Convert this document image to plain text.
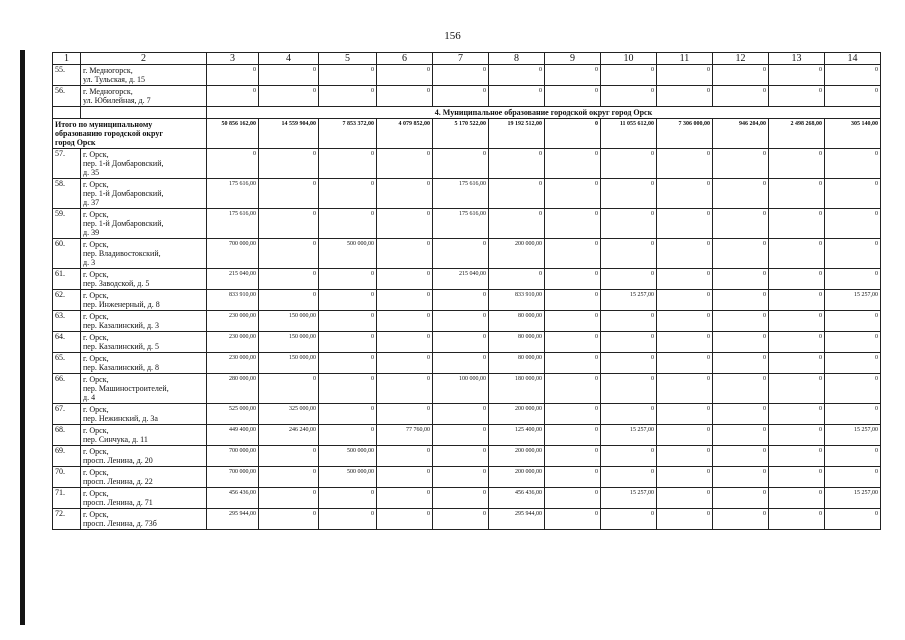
156
1	2	3	4	5	6	7	8	9	10	11	12	13	14
55.	г. Медногорск,
ул. Тульская, д. 15	0	0	0	0	0	0	0	0	0	0	0	0
56.	г. Медногорск,
ул. Юбилейная, д. 7	0	0	0	0	0	0	0	0	0	0	0	0
		4. Муниципальное образование городской округ город Орск											

Итого по муниципальному
образованию городской округ
город Орск		50 856 162,00	14 559 904,00	7 853 372,00	4 079 852,00	5 170 522,00	19 192 512,00	0	11 055 612,00	7 306 000,00	946 204,00	2 498 268,00	305 140,00
57.	г. Орск,
пер. 1-й Домбаровский,
д. 35	0	0	0	0	0	0	0	0	0	0	0	0
58.	г. Орск,
пер. 1-й Домбаровский,
д. 37	175 616,00	0	0	0	175 616,00	0	0	0	0	0	0	0
59.	г. Орск,
пер. 1-й Домбаровский,
д. 39	175 616,00	0	0	0	175 616,00	0	0	0	0	0	0	0
60.	г. Орск,
пер. Владивостокский,
д. 3	700 000,00	0	500 000,00	0	0	200 000,00	0	0	0	0	0	0
61.	г. Орск,
пер. Заводской, д. 5	215 040,00	0	0	0	215 040,00	0	0	0	0	0	0	0
62.	г. Орск,
пер. Инженерный, д. 8	833 910,00	0	0	0	0	833 910,00	0	15 257,00	0	0	0	15 257,00
63.	г. Орск,
пер. Казалинский, д. 3	230 000,00	150 000,00	0	0	0	80 000,00	0	0	0	0	0	0
64.	г. Орск,
пер. Казалинский, д. 5	230 000,00	150 000,00	0	0	0	80 000,00	0	0	0	0	0	0
65.	г. Орск,
пер. Казалинский, д. 8	230 000,00	150 000,00	0	0	0	80 000,00	0	0	0	0	0	0
66.	г. Орск,
пер. Машиностроителей,
д. 4	280 000,00	0	0	0	100 000,00	180 000,00	0	0	0	0	0	0
67.	г. Орск,
пер. Нежинский, д. 3а	525 000,00	325 000,00	0	0	0	200 000,00	0	0	0	0	0	0
68.	г. Орск,
пер. Синчука, д. 11	449 400,00	246 240,00	0	77 760,00	0	125 400,00	0	15 257,00	0	0	0	15 257,00
69.	г. Орск,
просп. Ленина, д. 20	700 000,00	0	500 000,00	0	0	200 000,00	0	0	0	0	0	0
70.	г. Орск,
просп. Ленина, д. 22	700 000,00	0	500 000,00	0	0	200 000,00	0	0	0	0	0	0
71.	г. Орск,
просп. Ленина, д. 71	456 436,00	0	0	0	0	456 436,00	0	15 257,00	0	0	0	15 257,00
72.	г. Орск,
просп. Ленина, д. 73б	295 944,00	0	0	0	0	295 944,00	0	0	0	0	0	0
